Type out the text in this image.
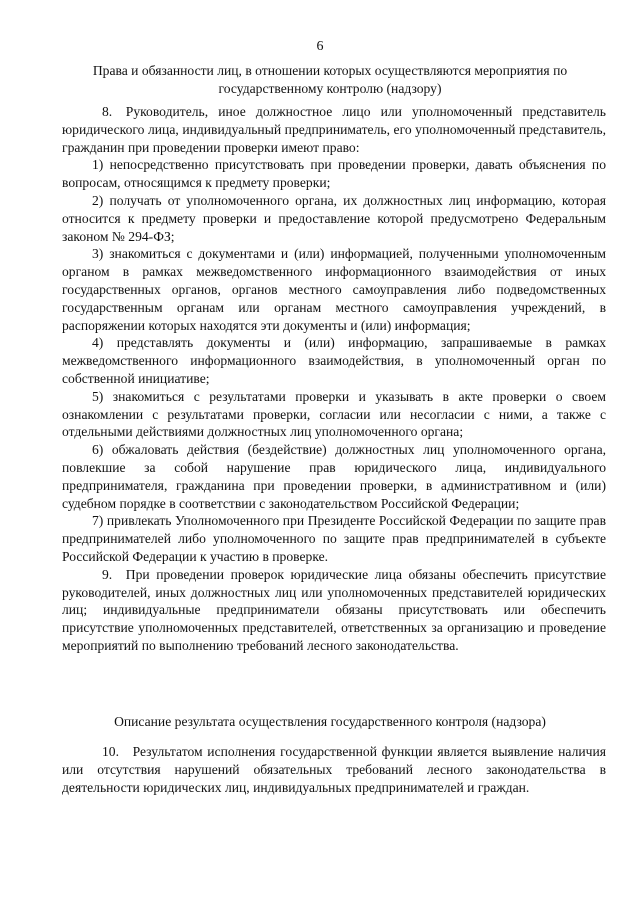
6
Права и обязанности лиц, в отношении которых осуществляются мероприятия по государственному контролю (надзору)

8. Руководитель, иное должностное лицо или уполномоченный представитель юридического лица, индивидуальный предприниматель, его уполномоченный представитель, гражданин при проведении проверки имеют право:

1) непосредственно присутствовать при проведении проверки, давать объяснения по вопросам, относящимся к предмету проверки;

2) получать от уполномоченного органа, их должностных лиц информацию, которая относится к предмету проверки и предоставление которой предусмотрено Федеральным законом № 294-ФЗ;

3) знакомиться с документами и (или) информацией, полученными уполномоченным органом в рамках межведомственного информационного взаимодействия от иных государственных органов, органов местного самоуправления либо подведомственных государственным органам или органам местного самоуправления учреждений, в распоряжении которых находятся эти документы и (или) информация;

4) представлять документы и (или) информацию, запрашиваемые в рамках межведомственного информационного взаимодействия, в уполномоченный орган по собственной инициативе;

5) знакомиться с результатами проверки и указывать в акте проверки о своем ознакомлении с результатами проверки, согласии или несогласии с ними, а также с отдельными действиями должностных лиц уполномоченного органа;

6) обжаловать действия (бездействие) должностных лиц уполномоченного органа, повлекшие за собой нарушение прав юридического лица, индивидуального предпринимателя, гражданина при проведении проверки, в административном и (или) судебном порядке в соответствии с законодательством Российской Федерации;

7) привлекать Уполномоченного при Президенте Российской Федерации по защите прав предпринимателей либо уполномоченного по защите прав предпринимателей в субъекте Российской Федерации к участию в проверке.

9. При проведении проверок юридические лица обязаны обеспечить присутствие руководителей, иных должностных лиц или уполномоченных представителей юридических лиц; индивидуальные предприниматели обязаны присутствовать или обеспечить присутствие уполномоченных представителей, ответственных за организацию и проведение мероприятий по выполнению требований лесного законодательства.

Описание результата осуществления государственного контроля (надзора)

10. Результатом исполнения государственной функции является выявление наличия или отсутствия нарушений обязательных требований лесного законодательства в деятельности юридических лиц, индивидуальных предпринимателей и граждан.
